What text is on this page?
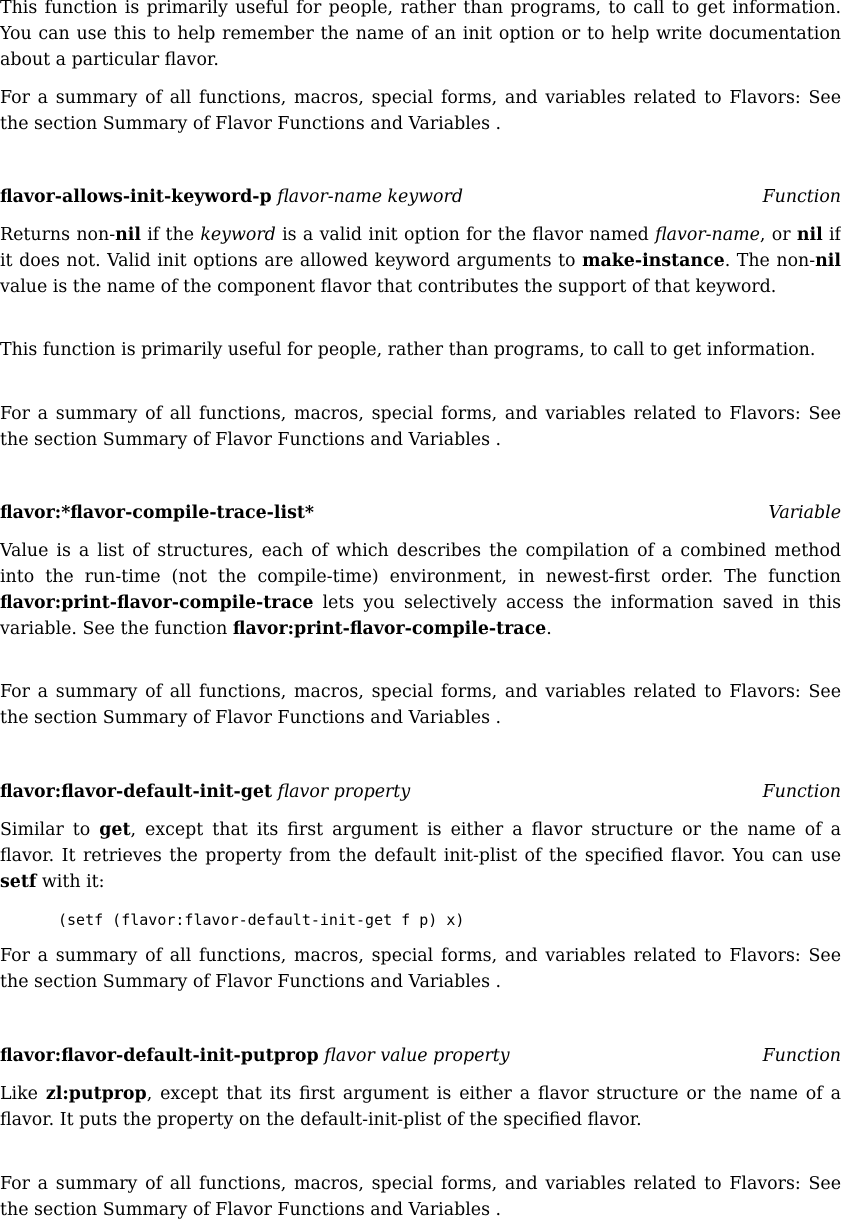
This function is primarily useful for people, rather than programs, to call to get information. You can use this to help remember the name of an init option or to help write documentation about a particular flavor.

For a summary of all functions, macros, special forms, and variables related to Flavors: See the section Summary of Flavor Functions and Variables .

flavor-allows-init-keyword-p flavor-name keyword	Function

Returns non-nil if the keyword is a valid init option for the flavor named flavor-name, or nil if it does not. Valid init options are allowed keyword arguments to make-instance. The non-nil value is the name of the component flavor that contributes the support of that keyword.

This function is primarily useful for people, rather than programs, to call to get information.

For a summary of all functions, macros, special forms, and variables related to Flavors: See the section Summary of Flavor Functions and Variables .

flavor:*flavor-compile-trace-list*	Variable

Value is a list of structures, each of which describes the compilation of a combined method into the run-time (not the compile-time) environment, in newest-first order. The function flavor:print-flavor-compile-trace lets you selectively access the information saved in this variable. See the function flavor:print-flavor-compile-trace.

For a summary of all functions, macros, special forms, and variables related to Flavors: See the section Summary of Flavor Functions and Variables .

flavor:flavor-default-init-get flavor property	Function

Similar to get, except that its first argument is either a flavor structure or the name of a flavor. It retrieves the property from the default init-plist of the specified flavor. You can use setf with it:

(setf (flavor:flavor-default-init-get f p) x)

For a summary of all functions, macros, special forms, and variables related to Flavors: See the section Summary of Flavor Functions and Variables .

flavor:flavor-default-init-putprop flavor value property	Function

Like zl:putprop, except that its first argument is either a flavor structure or the name of a flavor. It puts the property on the default-init-plist of the specified flavor.

For a summary of all functions, macros, special forms, and variables related to Flavors: See the section Summary of Flavor Functions and Variables .
